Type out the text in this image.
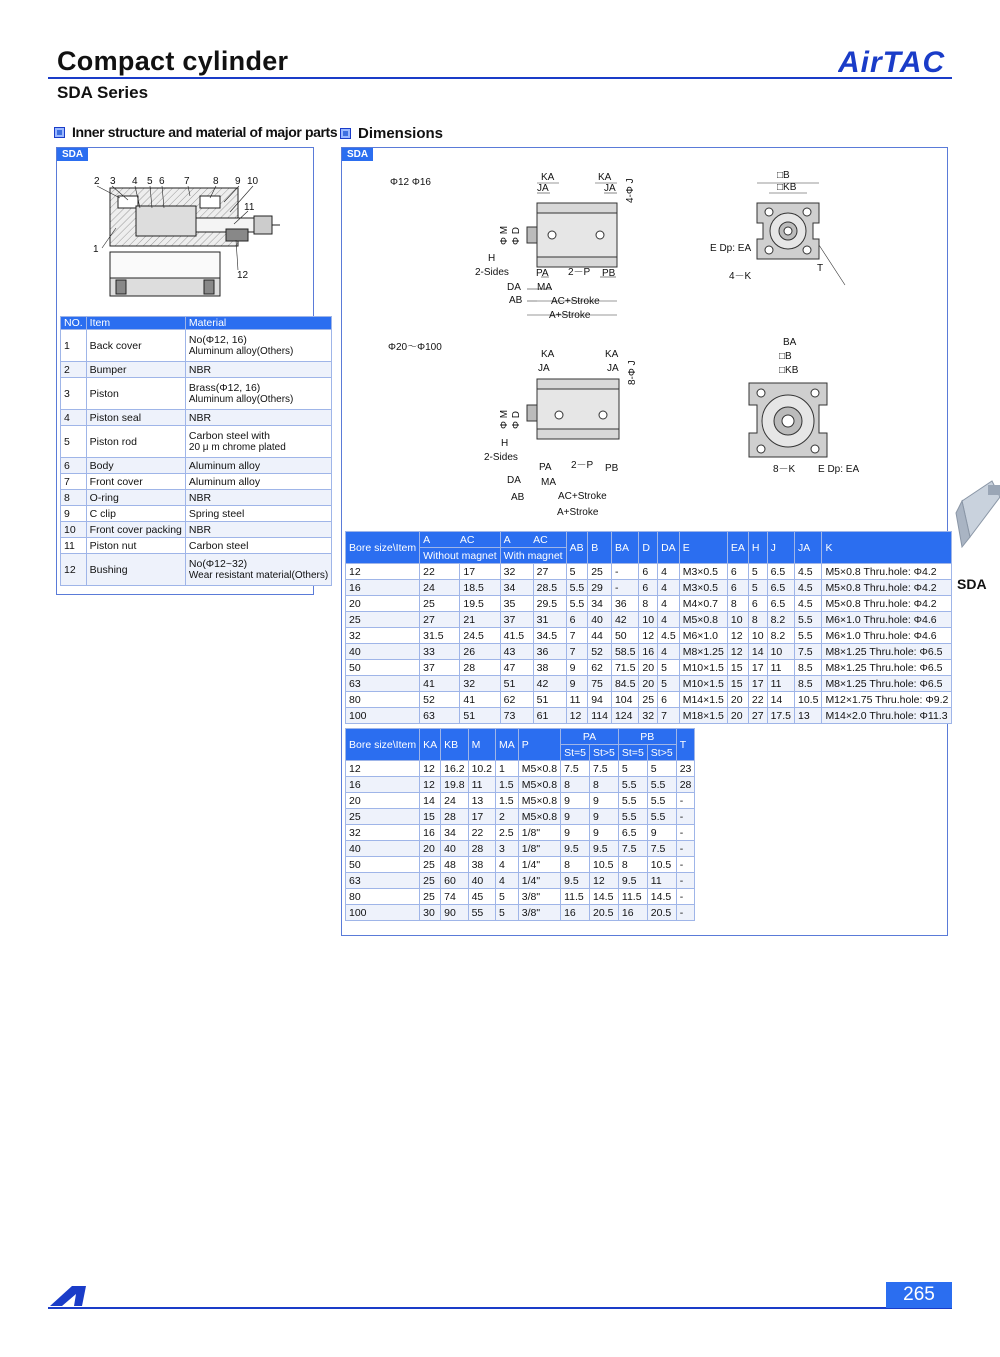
Compact cylinder
SDA Series
AirTAC
Inner structure and material of major parts Dimensions
SDA
2 3 4 5 6 7 8 9 10
11
1
12
NO.	Item	Material
1	Back cover	No(Φ12, 16)
Aluminum alloy(Others)

2	Bumper	NBR

3	Piston	Brass(Φ12, 16)
Aluminum alloy(Others)

4	Piston seal	NBR

5	Piston rod	Carbon steel with
20 μ m chrome plated

6	Body	Aluminum alloy

7	Front cover	Aluminum alloy

8	O-ring	NBR

9	C clip	Spring steel

10	Front cover packing	NBR

11	Piston nut	Carbon steel

12	Bushing	No(Φ12~32)
Wear resistant material(Others)
SDA
Φ12 Φ16	KA	KA
JA	JA 4-Φ J
Φ M Φ D
H
2-Sides	PA 2－P PB
DA MA
AB	AC+Stroke
A+Stroke
□B
□KB
E Dp: EA
4－K
T
Φ20～Φ100
KA	KA
JA	JA 8-Φ J
Φ M Φ D
H
2-Sides
PA 2－P PB
DA MA
AB	AC+Stroke
A+Stroke
BA
□B
□KB
8－K E Dp: EA
Bore size\Item	A AC		A AC		AB	B	BA	D	DA	E	EA	H	J	JA	K
	Without magnet		With magnet												
12	22	17	32	27	5	25	-	6	4	M3×0.5	6	5	6.5	4.5	M5×0.8 Thru.hole: Φ4.2
16	24	18.5	34	28.5	5.5	29	-	6	4	M3×0.5	6	5	6.5	4.5	M5×0.8 Thru.hole: Φ4.2
20	25	19.5	35	29.5	5.5	34	36	8	4	M4×0.7	8	6	6.5	4.5	M5×0.8 Thru.hole: Φ4.2
25	27	21	37	31	6	40	42	10	4	M5×0.8	10	8	8.2	5.5	M6×1.0 Thru.hole: Φ4.6
32	31.5	24.5	41.5	34.5	7	44	50	12	4.5	M6×1.0	12	10	8.2	5.5	M6×1.0 Thru.hole: Φ4.6
40	33	26	43	36	7	52	58.5	16	4	M8×1.25	12	14	10	7.5	M8×1.25 Thru.hole: Φ6.5
50	37	28	47	38	9	62	71.5	20	5	M10×1.5	15	17	11	8.5	M8×1.25 Thru.hole: Φ6.5
63	41	32	51	42	9	75	84.5	20	5	M10×1.5	15	17	11	8.5	M8×1.25 Thru.hole: Φ6.5
80	52	41	62	51	11	94	104	25	6	M14×1.5	20	22	14	10.5	M12×1.75 Thru.hole: Φ9.2
100	63	51	73	61	12	114	124	32	7	M18×1.5	20	27	17.5	13	M14×2.0 Thru.hole: Φ11.3
Bore size\Item	KA	KB	M	MA	P	PA		PB		T
						St=5	St>5	St=5	St>5	
12	12	16.2	10.2	1	M5×0.8	7.5	7.5	5	5	23
16	12	19.8	11	1.5	M5×0.8	8	8	5.5	5.5	28
20	14	24	13	1.5	M5×0.8	9	9	5.5	5.5	-
25	15	28	17	2	M5×0.8	9	9	5.5	5.5	-
32	16	34	22	2.5	1/8"	9	9	6.5	9	-
40	20	40	28	3	1/8"	9.5	9.5	7.5	7.5	-
50	25	48	38	4	1/4"	8	10.5	8	10.5	-
63	25	60	40	4	1/4"	9.5	12	9.5	11	-
80	25	74	45	5	3/8"	11.5	14.5	11.5	14.5	-
100	30	90	55	5	3/8"	16	20.5	16	20.5	-
SDA
265
